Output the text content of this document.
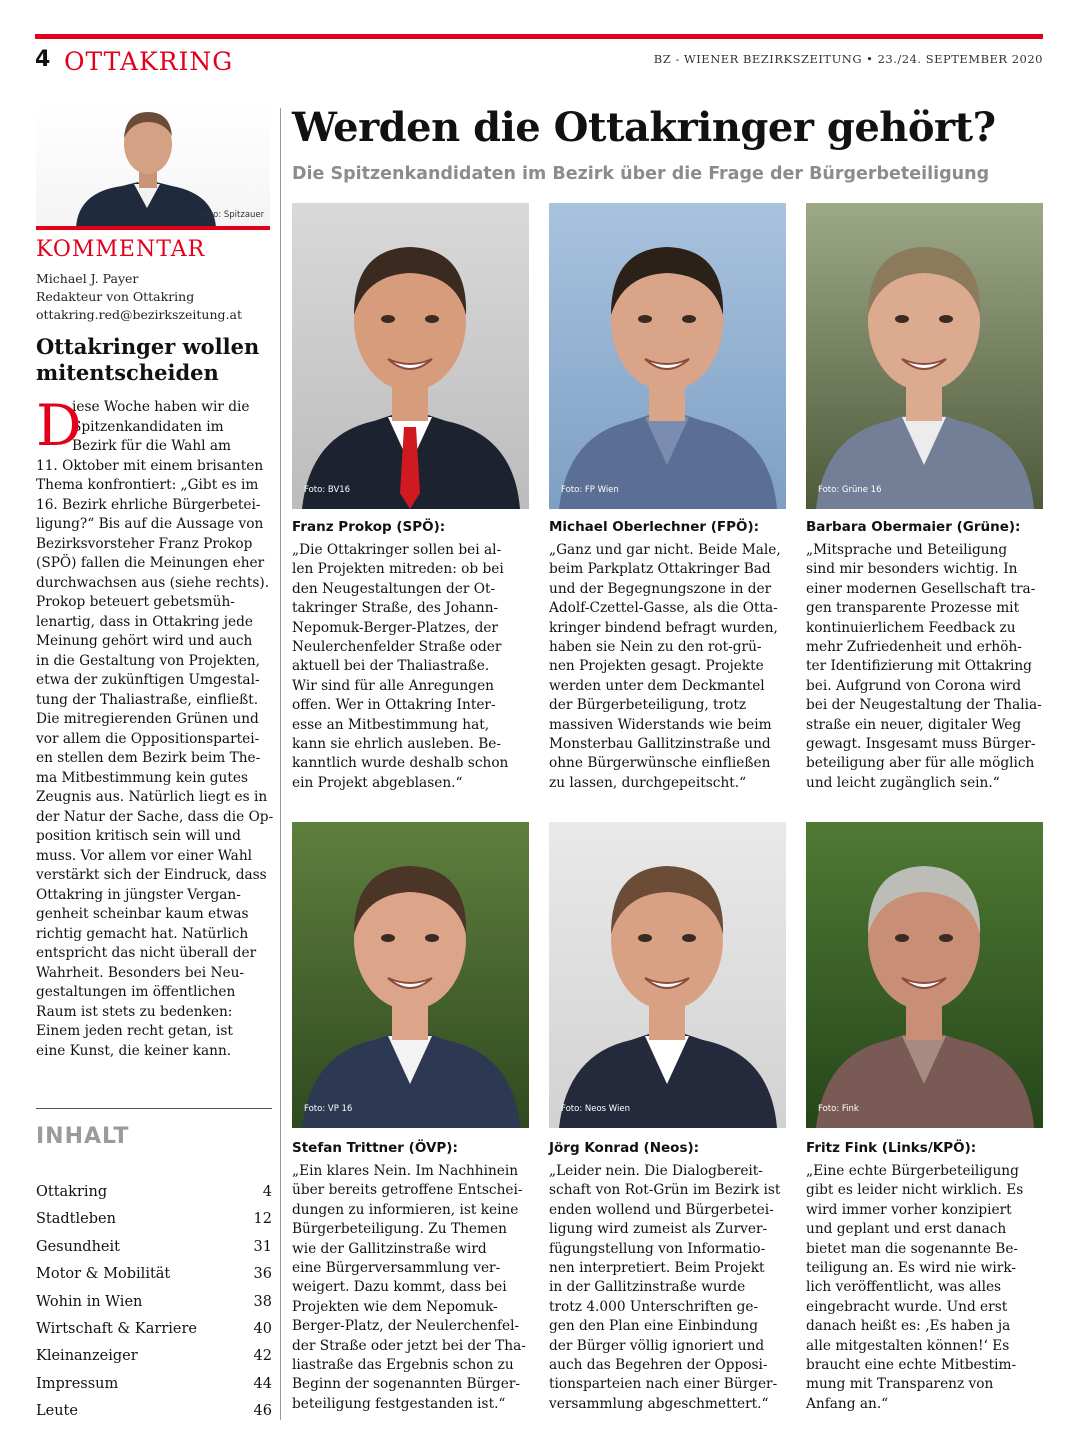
4 OTTAKRING	BZ - WIENER BEZIRKSZEITUNG • 23./24. SEPTEMBER 2020
Foto: Spitzauer
KOMMENTAR
Michael J. Payer
Redakteur von Ottakring
ottakring.red@bezirkszeitung.at
Ottakringer wollen
mitentscheiden
D
iese Woche haben wir die
Spitzenkandidaten im
Bezirk für die Wahl am
11. Oktober mit einem brisanten
Thema konfrontiert: „Gibt es im
16. Bezirk ehrliche Bürgerbetei-
ligung?“ Bis auf die Aussage von
Bezirksvorsteher Franz Prokop
(SPÖ) fallen die Meinungen eher
durchwachsen aus (siehe rechts).
Prokop beteuert gebetsmüh-
lenartig, dass in Ottakring jede
Meinung gehört wird und auch
in die Gestaltung von Projekten,
etwa der zukünftigen Umgestal-
tung der Thaliastraße, einfließt.
Die mitregierenden Grünen und
vor allem die Oppositionspartei-
en stellen dem Bezirk beim The-
ma Mitbestimmung kein gutes
Zeugnis aus. Natürlich liegt es in
der Natur der Sache, dass die Op-
position kritisch sein will und
muss. Vor allem vor einer Wahl
verstärkt sich der Eindruck, dass
Ottakring in jüngster Vergan-
genheit scheinbar kaum etwas
richtig gemacht hat. Natürlich
entspricht das nicht überall der
Wahrheit. Besonders bei Neu-
gestaltungen im öffentlichen
Raum ist stets zu bedenken:
Einem jeden recht getan, ist
eine Kunst, die keiner kann.
INHALT
Ottakring	4
Stadtleben	12
Gesundheit	31
Motor & Mobilität	36
Wohin in Wien	38
Wirtschaft & Karriere	40
Kleinanzeiger	42
Impressum	44
Leute	46
Werden die Ottakringer gehört?
Die Spitzenkandidaten im Bezirk über die Frage der Bürgerbeteiligung
Foto: BV16
Franz Prokop (SPÖ):
„Die Ottakringer sollen bei al-
len Projekten mitreden: ob bei
den Neugestaltungen der Ot-
takringer Straße, des Johann-
Nepomuk-Berger-Platzes, der
Neulerchenfelder Straße oder
aktuell bei der Thaliastraße.
Wir sind für alle Anregungen
offen. Wer in Ottakring Inter-
esse an Mitbestimmung hat,
kann sie ehrlich ausleben. Be-
kanntlich wurde deshalb schon
ein Projekt abgeblasen.“
Foto: FP Wien
Michael Oberlechner (FPÖ):
„Ganz und gar nicht. Beide Male,
beim Parkplatz Ottakringer Bad
und der Begegnungszone in der
Adolf-Czettel-Gasse, als die Otta-
kringer bindend befragt wurden,
haben sie Nein zu den rot-grü-
nen Projekten gesagt. Projekte
werden unter dem Deckmantel
der Bürgerbeteiligung, trotz
massiven Widerstands wie beim
Monsterbau Gallitzinstraße und
ohne Bürgerwünsche einfließen
zu lassen, durchgepeitscht.“
Foto: Grüne 16
Barbara Obermaier (Grüne):
„Mitsprache und Beteiligung
sind mir besonders wichtig. In
einer modernen Gesellschaft tra-
gen transparente Prozesse mit
kontinuierlichem Feedback zu
mehr Zufriedenheit und erhöh-
ter Identifizierung mit Ottakring
bei. Aufgrund von Corona wird
bei der Neugestaltung der Thalia-
straße ein neuer, digitaler Weg
gewagt. Insgesamt muss Bürger-
beteiligung aber für alle möglich
und leicht zugänglich sein.“
Foto: VP 16
Stefan Trittner (ÖVP):
„Ein klares Nein. Im Nachhinein
über bereits getroffene Entschei-
dungen zu informieren, ist keine
Bürgerbeteiligung. Zu Themen
wie der Gallitzinstraße wird
eine Bürgerversammlung ver-
weigert. Dazu kommt, dass bei
Projekten wie dem Nepomuk-
Berger-Platz, der Neulerchenfel-
der Straße oder jetzt bei der Tha-
liastraße das Ergebnis schon zu
Beginn der sogenannten Bürger-
beteiligung festgestanden ist.“
Foto: Neos Wien
Jörg Konrad (Neos):
„Leider nein. Die Dialogbereit-
schaft von Rot-Grün im Bezirk ist
enden wollend und Bürgerbetei-
ligung wird zumeist als Zurver-
fügungstellung von Informatio-
nen interpretiert. Beim Projekt
in der Gallitzinstraße wurde
trotz 4.000 Unterschriften ge-
gen den Plan eine Einbindung
der Bürger völlig ignoriert und
auch das Begehren der Opposi-
tionsparteien nach einer Bürger-
versammlung abgeschmettert.“
Foto: Fink
Fritz Fink (Links/KPÖ):
„Eine echte Bürgerbeteiligung
gibt es leider nicht wirklich. Es
wird immer vorher konzipiert
und geplant und erst danach
bietet man die sogenannte Be-
teiligung an. Es wird nie wirk-
lich veröffentlicht, was alles
eingebracht wurde. Und erst
danach heißt es: ‚Es haben ja
alle mitgestalten können!‘ Es
braucht eine echte Mitbestim-
mung mit Transparenz von
Anfang an.“
